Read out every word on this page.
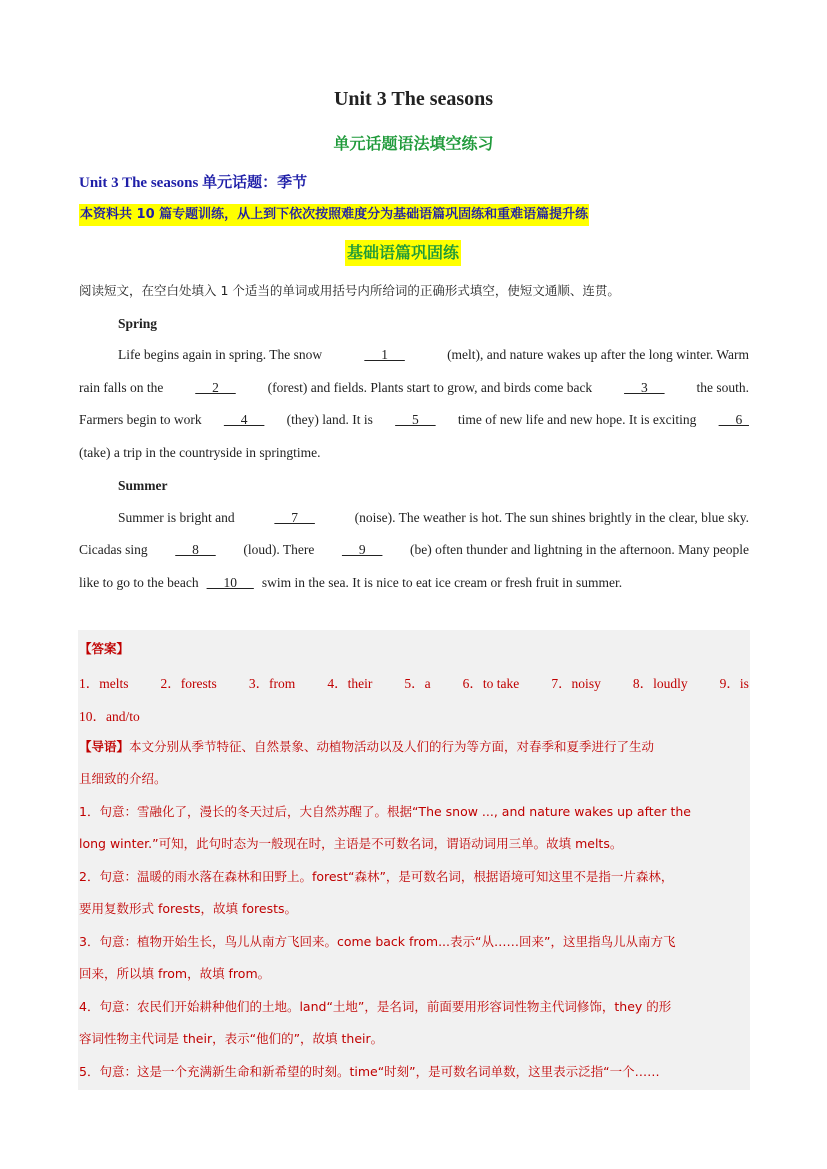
Unit 3 The seasons
单元话题语法填空练习
Unit 3 The seasons 单元话题：季节
本资料共 10 篇专题训练，从上到下依次按照难度分为基础语篇巩固练和重难语篇提升练
基础语篇巩固练
阅读短文，在空白处填入 1 个适当的单词或用括号内所给词的正确形式填空，使短文通顺、连贯。
Spring
Life begins again in spring. The snow	1	(melt), and nature wakes up after the long winter. Warm
rain falls on the 2 (forest) and fields. Plants start to grow, and birds come back 3 the south.
Farmers begin to work 4 (they) land. It is 5 time of new life and new hope. It is exciting 6
(take) a trip in the countryside in springtime.
Summer
Summer is bright and	7	(noise). The weather is hot. The sun shines brightly in the clear, blue sky.
Cicadas sing 8 (loud). There 9 (be) often thunder and lightning in the afternoon. Many people
like to go to the beach 10 swim in the sea. It is nice to eat ice cream or fresh fruit in summer.
【答案】
1．melts 2．forests 3．from 4．their 5．a 6．to take 7．noisy 8．loudly 9．is
10．and/to
【导语】本文分别从季节特征、自然景象、动植物活动以及人们的行为等方面，对春季和夏季进行了生动
且细致的介绍。
1．句意：雪融化了，漫长的冬天过后，大自然苏醒了。根据“The snow ..., and nature wakes up after the
long winter.”可知，此句时态为一般现在时，主语是不可数名词，谓语动词用三单。故填 melts。
2．句意：温暖的雨水落在森林和田野上。forest“森林”，是可数名词，根据语境可知这里不是指一片森林，
要用复数形式 forests，故填 forests。
3．句意：植物开始生长，鸟儿从南方飞回来。come back from...表示“从……回来”，这里指鸟儿从南方飞
回来，所以填 from，故填 from。
4．句意：农民们开始耕种他们的土地。land“土地”，是名词，前面要用形容词性物主代词修饰，they 的形
容词性物主代词是 their，表示“他们的”，故填 their。
5．句意：这是一个充满新生命和新希望的时刻。time“时刻”，是可数名词单数，这里表示泛指“一个……
